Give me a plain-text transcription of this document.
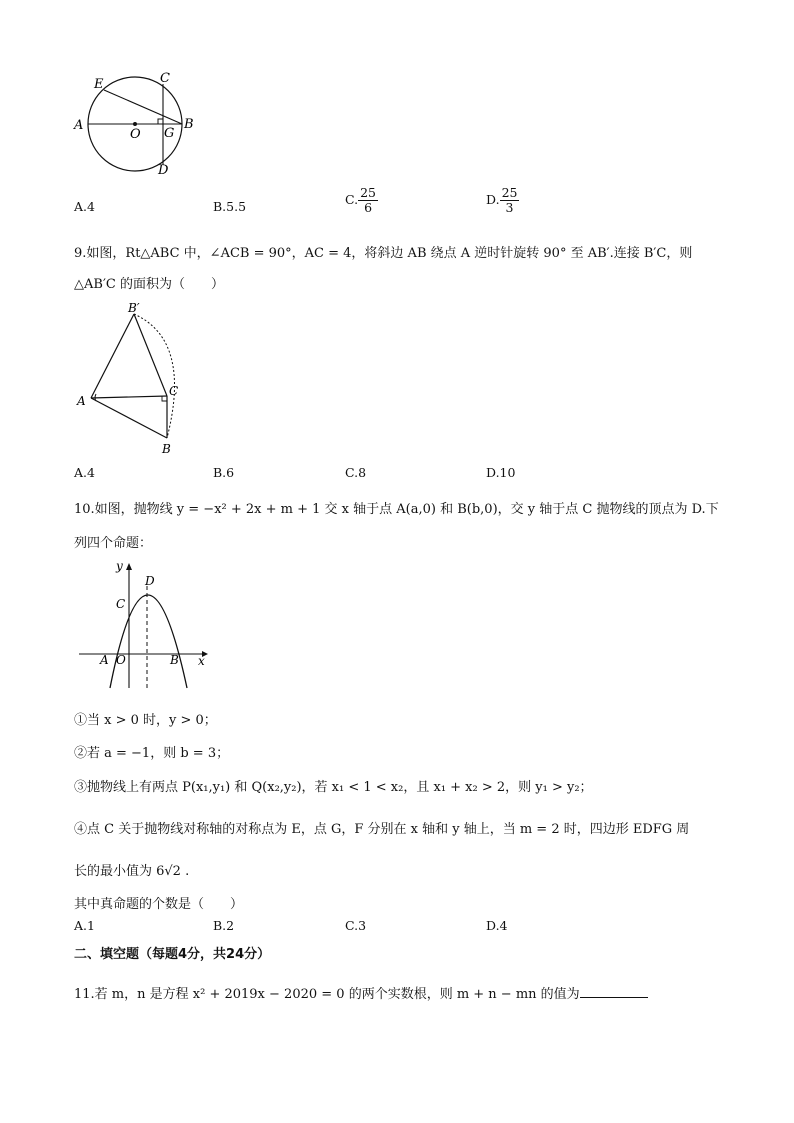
A
E	C
O G
B
D
A.4	B.5.5	C. $\frac{25}{6}$	D. $\frac{25}{3}$
9.如图，Rt△ABC 中，∠ACB = 90°，AC = 4，将斜边 AB 绕点 A 逆时针旋转 90° 至 AB′.连接 B′C，则
△AB′C 的面积为（　　）
B′
A
C
B
A.4	B.6	C.8	D.10
10.如图，抛物线 y = −x² + 2x + m + 1 交 x 轴于点 A(a,0) 和 B(b,0)，交 y 轴于点 C 抛物线的顶点为 D.下
列四个命题：
y
x
D
C
A O	B
①当 x > 0 时，y > 0；
②若 a = −1，则 b = 3；
③抛物线上有两点 P(x₁,y₁) 和 Q(x₂,y₂)，若 x₁ < 1 < x₂，且 x₁ + x₂ > 2，则 y₁ > y₂；
④点 C 关于抛物线对称轴的对称点为 E，点 G，F 分别在 x 轴和 y 轴上，当 m = 2 时，四边形 EDFG 周
长的最小值为 6√2 .
其中真命题的个数是（　　）
A.1	B.2	C.3	D.4
二、填空题（每题4分，共24分）
11.若 m，n 是方程 x² + 2019x − 2020 = 0 的两个实数根，则 m + n − mn 的值为
